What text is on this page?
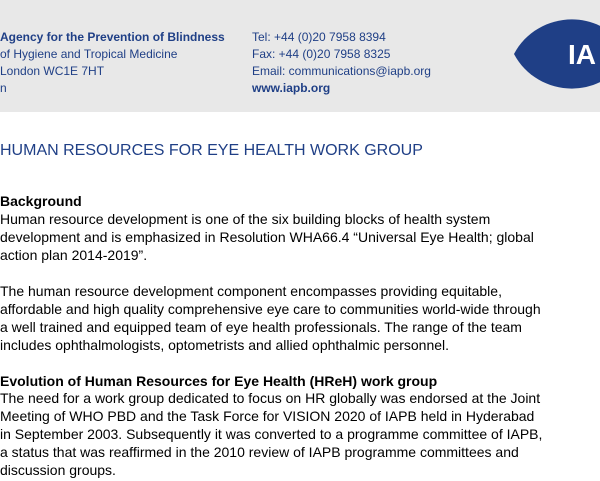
Agency for the Prevention of Blindness
of Hygiene and Tropical Medicine
London WC1E 7HT
n
Tel: +44 (0)20 7958 8394
Fax: +44 (0)20 7958 8325
Email: communications@iapb.org
www.iapb.org
IA
HUMAN RESOURCES FOR EYE HEALTH WORK GROUP
Background

Human resource development is one of the six building blocks of health system
development and is emphasized in Resolution WHA66.4 “Universal Eye Health; global
action plan 2014-2019”.

The human resource development component encompasses providing equitable,
affordable and high quality comprehensive eye care to communities world-wide through
a well trained and equipped team of eye health professionals. The range of the team
includes ophthalmologists, optometrists and allied ophthalmic personnel.

Evolution of Human Resources for Eye Health (HReH) work group

The need for a work group dedicated to focus on HR globally was endorsed at the Joint
Meeting of WHO PBD and the Task Force for VISION 2020 of IAPB held in Hyderabad
in September 2003. Subsequently it was converted to a programme committee of IAPB,
a status that was reaffirmed in the 2010 review of IAPB programme committees and
discussion groups.
